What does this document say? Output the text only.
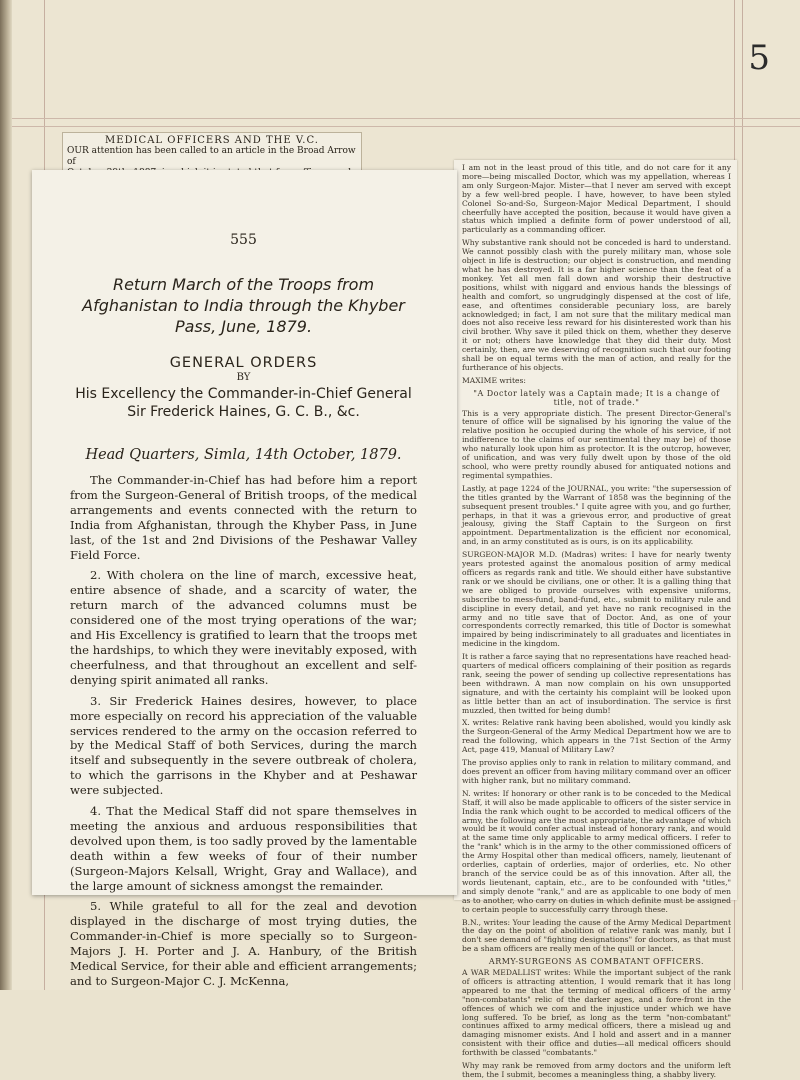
5
MEDICAL OFFICERS AND THE V.C.
OUR attention has been called to an article in the Broad Arrow of

I am not in the least proud of this title, and do not care for it any more—being miscalled Doctor, which was my appellation, whereas I am only Surgeon-Major. Mister—that I never am served with except by a few well-bred people. I have, however, to have been styled Colonel So-and-So, Surgeon-Major Medical Department, I should cheerfully have accepted the position, because it would have given a status which implied a definite form of power understood of all, particularly as a commanding officer.

Why substantive rank should not be conceded is hard to understand. We cannot possibly clash with the purely military man, whose sole object in life is destruction; our object is construction, and mending what he has destroyed. It is a far higher science than the feat of a monkey. Yet all men fall down and worship their destructive positions, whilst with niggard and envious hands the blessings of health and comfort, so ungrudgingly dispensed at the cost of life, ease, and oftentimes considerable pecuniary loss, are barely acknowledged; in fact, I am not sure that the military medical man does not also receive less reward for his disinterested work than his civil brother. Why save it piled thick on them, whether they deserve it or not; others have knowledge that they did their duty. Most certainly, then, are we deserving of recognition such that our footing shall be on equal terms with the man of action, and really for the furtherance of his objects.

MAXIME writes:

"A Doctor lately was a Captain made; It is a change of title, not of trade."

This is a very appropriate distich. The present Director-General's tenure of office will be signalised by his ignoring the value of the relative position he occupied during the whole of his service, if not indifference to the claims of our sentimental they may be) of those who naturally look upon him as protector. It is the outcrop, however, of unification, and was very fully dwelt upon by those of the old school, who were pretty roundly abused for antiquated notions and regimental sympathies.

Lastly, at page 1224 of the JOURNAL, you write: "the supersession of the titles granted by the Warrant of 1858 was the beginning of the subsequent present troubles." I quite agree with you, and go further, perhaps, in that it was a grievous error, and productive of great jealousy, giving the Staff Captain to the Surgeon on first appointment. Departmentalization is the efficient nor economical, and, in an army constituted as is ours, is on its applicability.

SURGEON-MAJOR M.D. (Madras) writes: I have for nearly twenty years protested against the anomalous position of army medical officers as regards rank and title. We should either have substantive rank or we should be civilians, one or other. It is a galling thing that we are obliged to provide ourselves with expensive uniforms, subscribe to mess-fund, band-fund, etc., submit to military rule and discipline in every detail, and yet have no rank recognised in the army and no title save that of Doctor. And, as one of your correspondents correctly remarked, this title of Doctor is somewhat impaired by being indiscriminately to all graduates and licentiates in medicine in the kingdom.

It is rather a farce saying that no representations have reached head-quarters of medical officers complaining of their position as regards rank, seeing the power of sending up collective representations has been withdrawn. A man now complain on his own unsupported signature, and with the certainty his complaint will be looked upon as little better than an act of insubordination. The service is first muzzled, then twitted for being dumb!

X. writes: Relative rank having been abolished, would you kindly ask the Surgeon-General of the Army Medical Department how we are to read the following, which appears in the 71st Section of the Army Act, page 419, Manual of Military Law?

The proviso applies only to rank in relation to military command, and does prevent an officer from having military command over an officer with higher rank, but no military command.

N. writes: If honorary or other rank is to be conceded to the Medical Staff, it will also be made applicable to officers of the sister service in India the rank which ought to be accorded to medical officers of the army, the following are the most appropriate, the advantage of which would be it would confer actual instead of honorary rank, and would at the same time only applicable to army medical officers. I refer to the "rank" which is in the army to the other commissioned officers of the Army Hospital other than medical officers, namely, lieutenant of orderlies, captain of orderlies, major of orderlies, etc. No other branch of the service could be as of this innovation. After all, the words lieutenant, captain, etc., are to be confounded with "titles," and simply denote "rank," and are as applicable to one body of men as to another, who carry on duties in which definite must be assigned to certain people to successfully carry through these.

B.N., writes: Your leading the cause of the Army Medical Department the day on the point of abolition of relative rank was manly, but I don't see demand of "fighting designations" for doctors, as that must be a sham officers are really men of the quill or lancet.

ARMY-SURGEONS AS COMBATANT OFFICERS.

A WAR MEDALLIST writes: While the important subject of the rank of officers is attracting attention, I would remark that it has long appeared to me that the terming of medical officers of the army "non-combatants" relic of the darker ages, and a fore-front in the offences of which we com and the injustice under which we have long suffered. To be brief, as long as the term "non-combatant" continues affixed to army medical officers, there a mislead ug and damaging misnomer exists. And I hold and assert and in a manner consistent with their office and duties—all medical officers should forthwith be classed "combatants."

Why may rank be removed from army doctors and the uniform left them, the I submit, becomes a meaningless thing, a shabby livery.

555
Return March of the Troops from Afghanistan to India through the Khyber Pass, June, 1879.
GENERAL ORDERS
BY
His Excellency the Commander-in-Chief General Sir Frederick Haines, G. C. B., &c.
Head Quarters, Simla, 14th October, 1879.

The Commander-in-Chief has had before him a report from the Surgeon-General of British troops, of the medical arrangements and events connected with the return to India from Afghanistan, through the Khyber Pass, in June last, of the 1st and 2nd Divisions of the Peshawar Valley Field Force.

2. With cholera on the line of march, excessive heat, entire absence of shade, and a scarcity of water, the return march of the advanced columns must be considered one of the most trying operations of the war; and His Excellency is gratified to learn that the troops met the hardships, to which they were inevitably exposed, with cheerfulness, and that throughout an excellent and self-denying spirit animated all ranks.

3. Sir Frederick Haines desires, however, to place more especially on record his appreciation of the valuable services rendered to the army on the occasion referred to by the Medical Staff of both Services, during the march itself and subsequently in the severe outbreak of cholera, to which the garrisons in the Khyber and at Peshawar were subjected.

4. That the Medical Staff did not spare themselves in meeting the anxious and arduous responsibilities that devolved upon them, is too sadly proved by the lamentable death within a few weeks of four of their number (Surgeon-Majors Kelsall, Wright, Gray and Wallace), and the large amount of sickness amongst the remainder.

5. While grateful to all for the zeal and devotion displayed in the discharge of most trying duties, the Commander-in-Chief is more specially so to Surgeon-Majors J. H. Porter and J. A. Hanbury, of the British Medical Service, for their able and efficient arrangements; and to Surgeon-Major C. J. McKenna,
